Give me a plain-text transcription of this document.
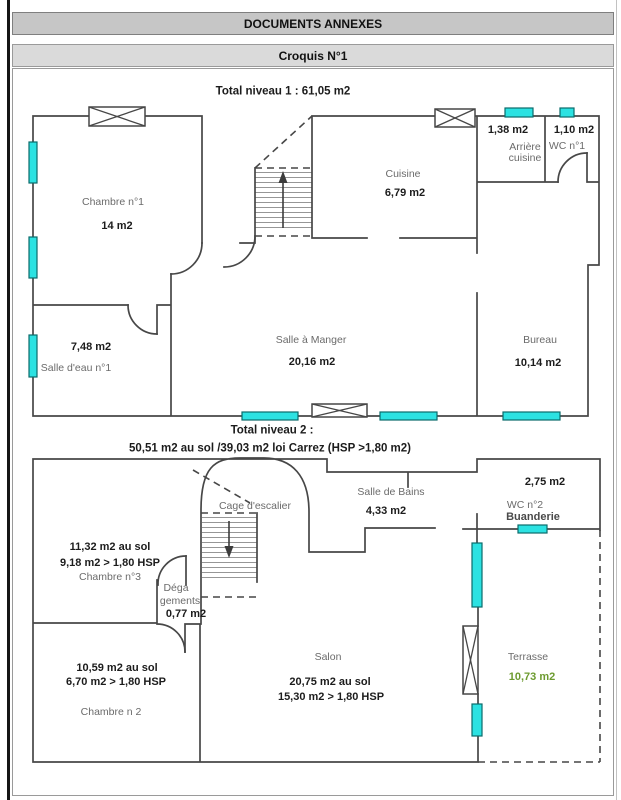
DOCUMENTS ANNEXES
Croquis N°1
Total niveau 1 : 61,05 m2
Chambre n°1
14 m2
Cuisine
6,79 m2
1,38 m2
Arrière cuisine
1,10 m2
WC n°1
Salle à Manger
20,16 m2
Bureau
10,14 m2
7,48 m2
Salle d'eau n°1
Total niveau 2 :
50,51 m2 au sol /39,03 m2 loi Carrez (HSP >1,80 m2)
11,32 m2 au sol
9,18 m2 > 1,80 HSP
Chambre n°3
Cage d'escalier
Salle de Bains
4,33 m2
2,75 m2
WC n°2
Buanderie
Déga
gements
0,77 m2
10,59 m2 au sol
6,70 m2 > 1,80 HSP
Chambre n 2
Salon
20,75 m2 au sol
15,30 m2 > 1,80 HSP
Terrasse
10,73 m2
